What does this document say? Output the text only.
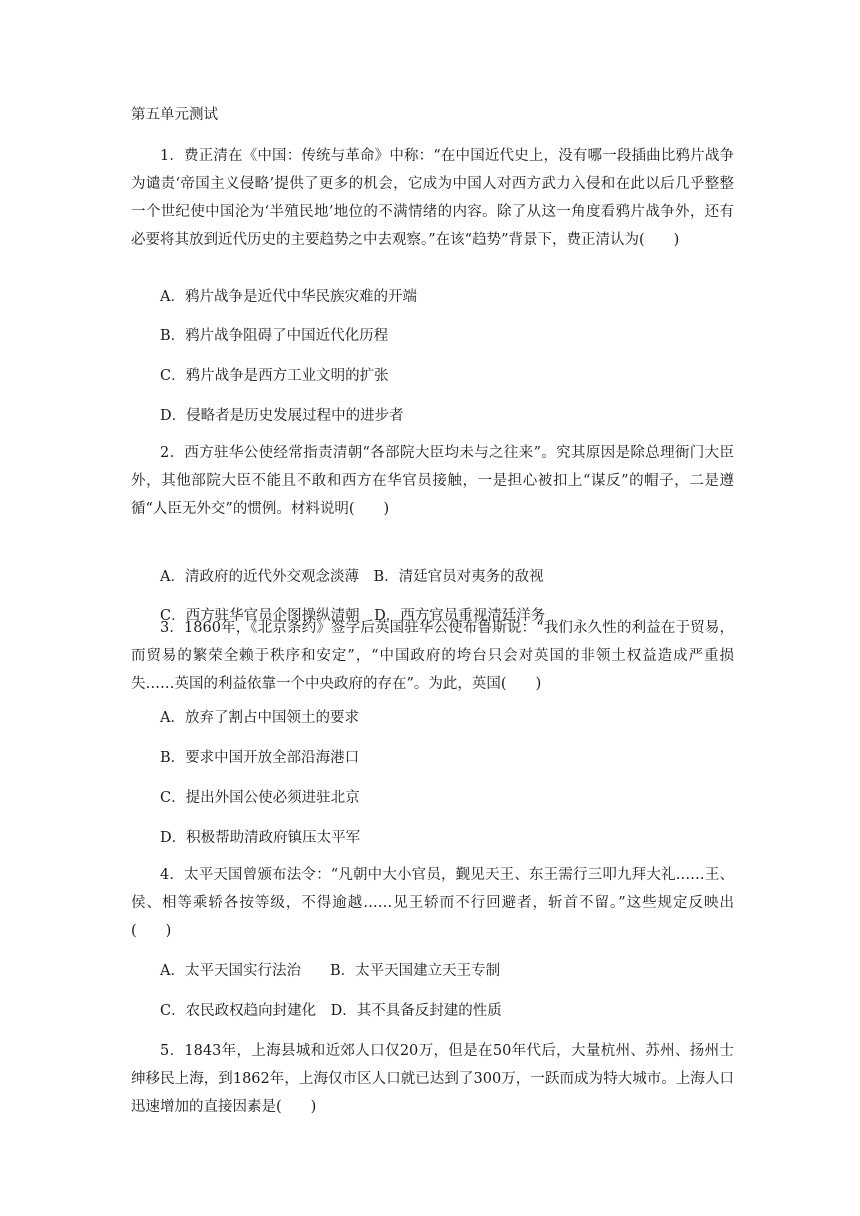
第五单元测试

1．费正清在《中国：传统与革命》中称：“在中国近代史上，没有哪一段插曲比鸦片战争为谴责‘帝国主义侵略’提供了更多的机会，它成为中国人对西方武力入侵和在此以后几乎整整一个世纪使中国沦为‘半殖民地’地位的不满情绪的内容。除了从这一角度看鸦片战争外，还有必要将其放到近代历史的主要趋势之中去观察。”在该“趋势”背景下，费正清认为(　　)

A．鸦片战争是近代中华民族灾难的开端
B．鸦片战争阻碍了中国近代化历程
C．鸦片战争是西方工业文明的扩张
D．侵略者是历史发展过程中的进步者

2．西方驻华公使经常指责清朝“各部院大臣均未与之往来”。究其原因是除总理衙门大臣外，其他部院大臣不能且不敢和西方在华官员接触，一是担心被扣上“谋反”的帽子，二是遵循“人臣无外交”的惯例。材料说明(　　)

A．清政府的近代外交观念淡薄　B．清廷官员对夷务的敌视
C．西方驻华官员企图操纵清朝　D．西方官员重视清廷洋务

3．1860年，《北京条约》签字后英国驻华公使布鲁斯说：“我们永久性的利益在于贸易，而贸易的繁荣全赖于秩序和安定”，“中国政府的垮台只会对英国的非领土权益造成严重损失……英国的利益依靠一个中央政府的存在”。为此，英国(　　)

A．放弃了割占中国领土的要求
B．要求中国开放全部沿海港口
C．提出外国公使必须进驻北京
D．积极帮助清政府镇压太平军

4．太平天国曾颁布法令：“凡朝中大小官员，觐见天王、东王需行三叩九拜大礼……王、侯、相等乘轿各按等级，不得逾越……见王轿而不行回避者，斩首不留。”这些规定反映出(　　)

A．太平天国实行法治　　B．太平天国建立天王专制
C．农民政权趋向封建化　D．其不具备反封建的性质

5．1843年，上海县城和近郊人口仅20万，但是在50年代后，大量杭州、苏州、扬州士绅移民上海，到1862年，上海仅市区人口就已达到了300万，一跃而成为特大城市。上海人口迅速增加的直接因素是(　　)
